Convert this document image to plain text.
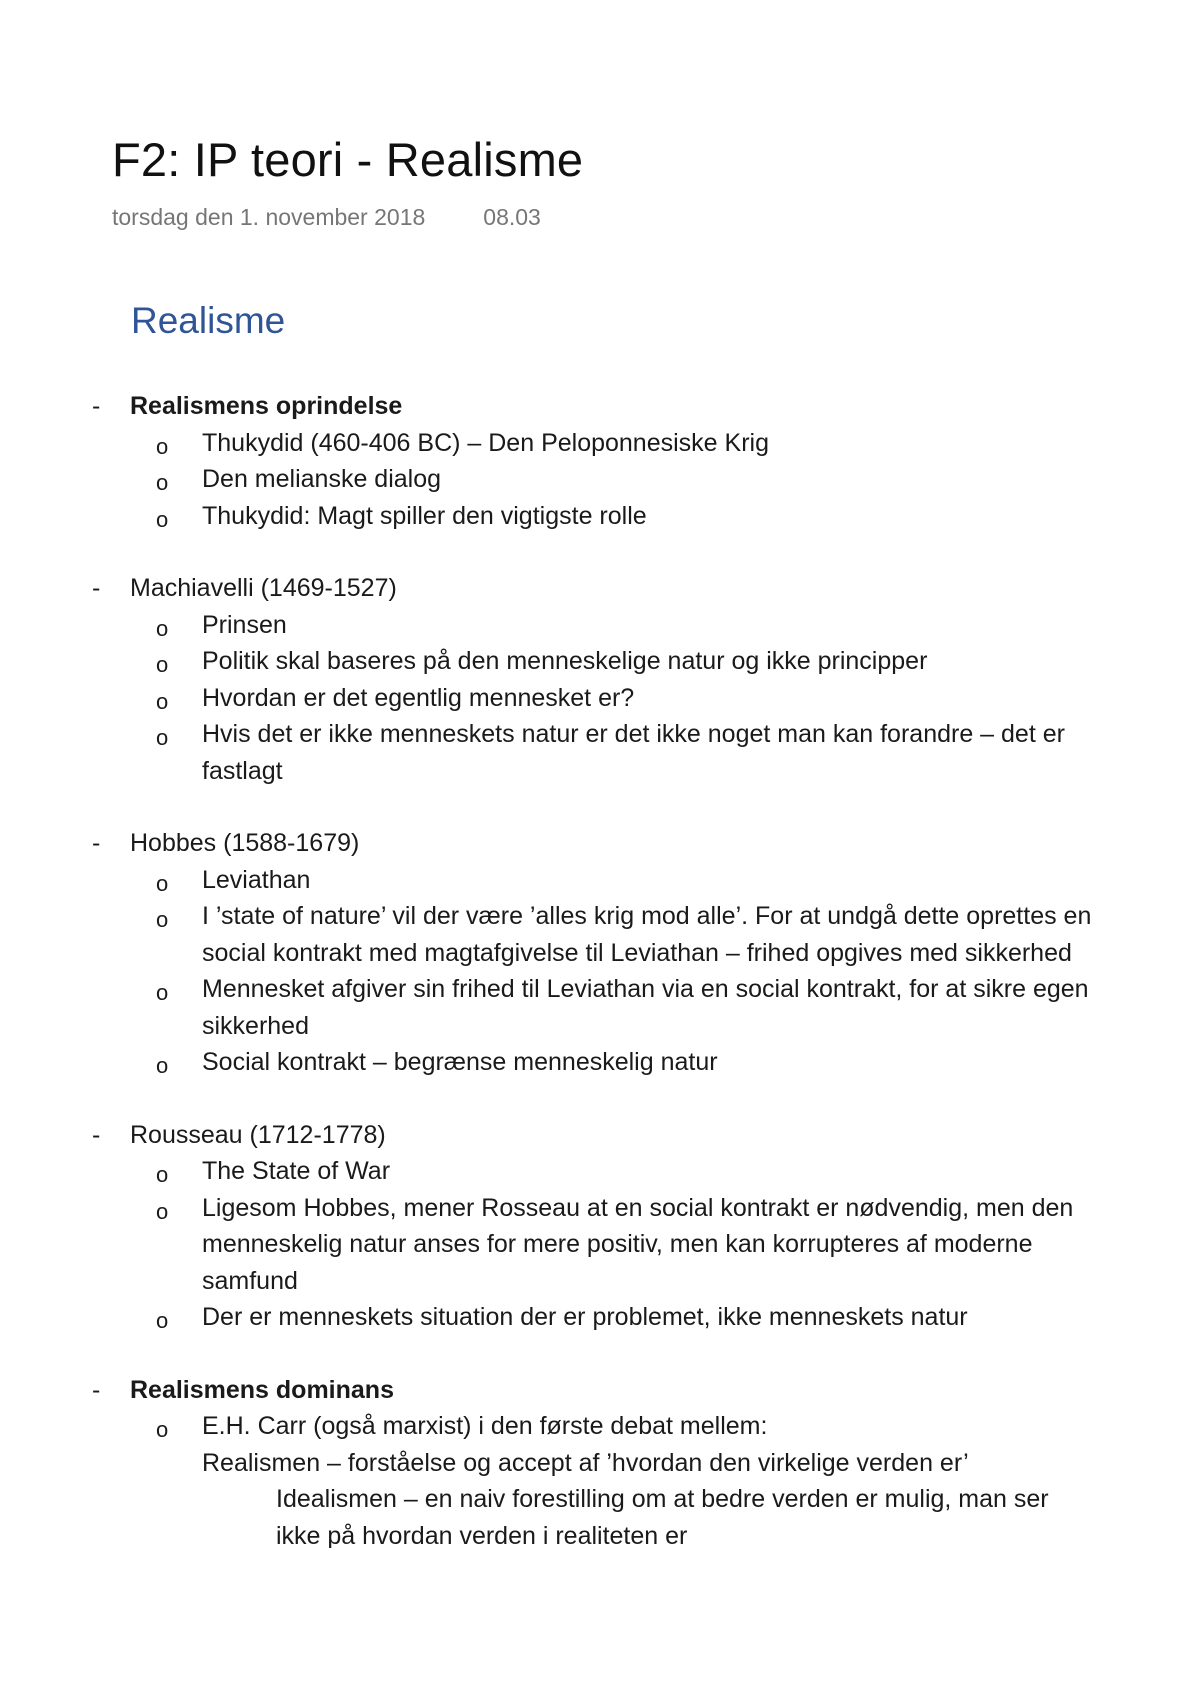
F2: IP teori - Realisme
torsdag den 1. november 2018	08.03
Realisme
- Realismens oprindelse
o Thukydid (460-406 BC) – Den Peloponnesiske Krig
o Den melianske dialog
o Thukydid: Magt spiller den vigtigste rolle
- Machiavelli (1469-1527)
o Prinsen
o Politik skal baseres på den menneskelige natur og ikke principper
o Hvordan er det egentlig mennesket er?
o Hvis det er ikke menneskets natur er det ikke noget man kan forandre – det er fastlagt
- Hobbes (1588-1679)
o Leviathan
o I ’state of nature’ vil der være ’alles krig mod alle’. For at undgå dette oprettes en social kontrakt med magtafgivelse til Leviathan – frihed opgives med sikkerhed
o Mennesket afgiver sin frihed til Leviathan via en social kontrakt, for at sikre egen sikkerhed
o Social kontrakt – begrænse menneskelig natur
- Rousseau (1712-1778)
o The State of War
o Ligesom Hobbes, mener Rosseau at en social kontrakt er nødvendig, men den menneskelig natur anses for mere positiv, men kan korrupteres af moderne samfund
o Der er menneskets situation der er problemet, ikke menneskets natur
- Realismens dominans
o E.H. Carr (også marxist) i den første debat mellem:
Realismen – forståelse og accept af ’hvordan den virkelige verden er’
Idealismen – en naiv forestilling om at bedre verden er mulig, man ser
ikke på hvordan verden i realiteten er
